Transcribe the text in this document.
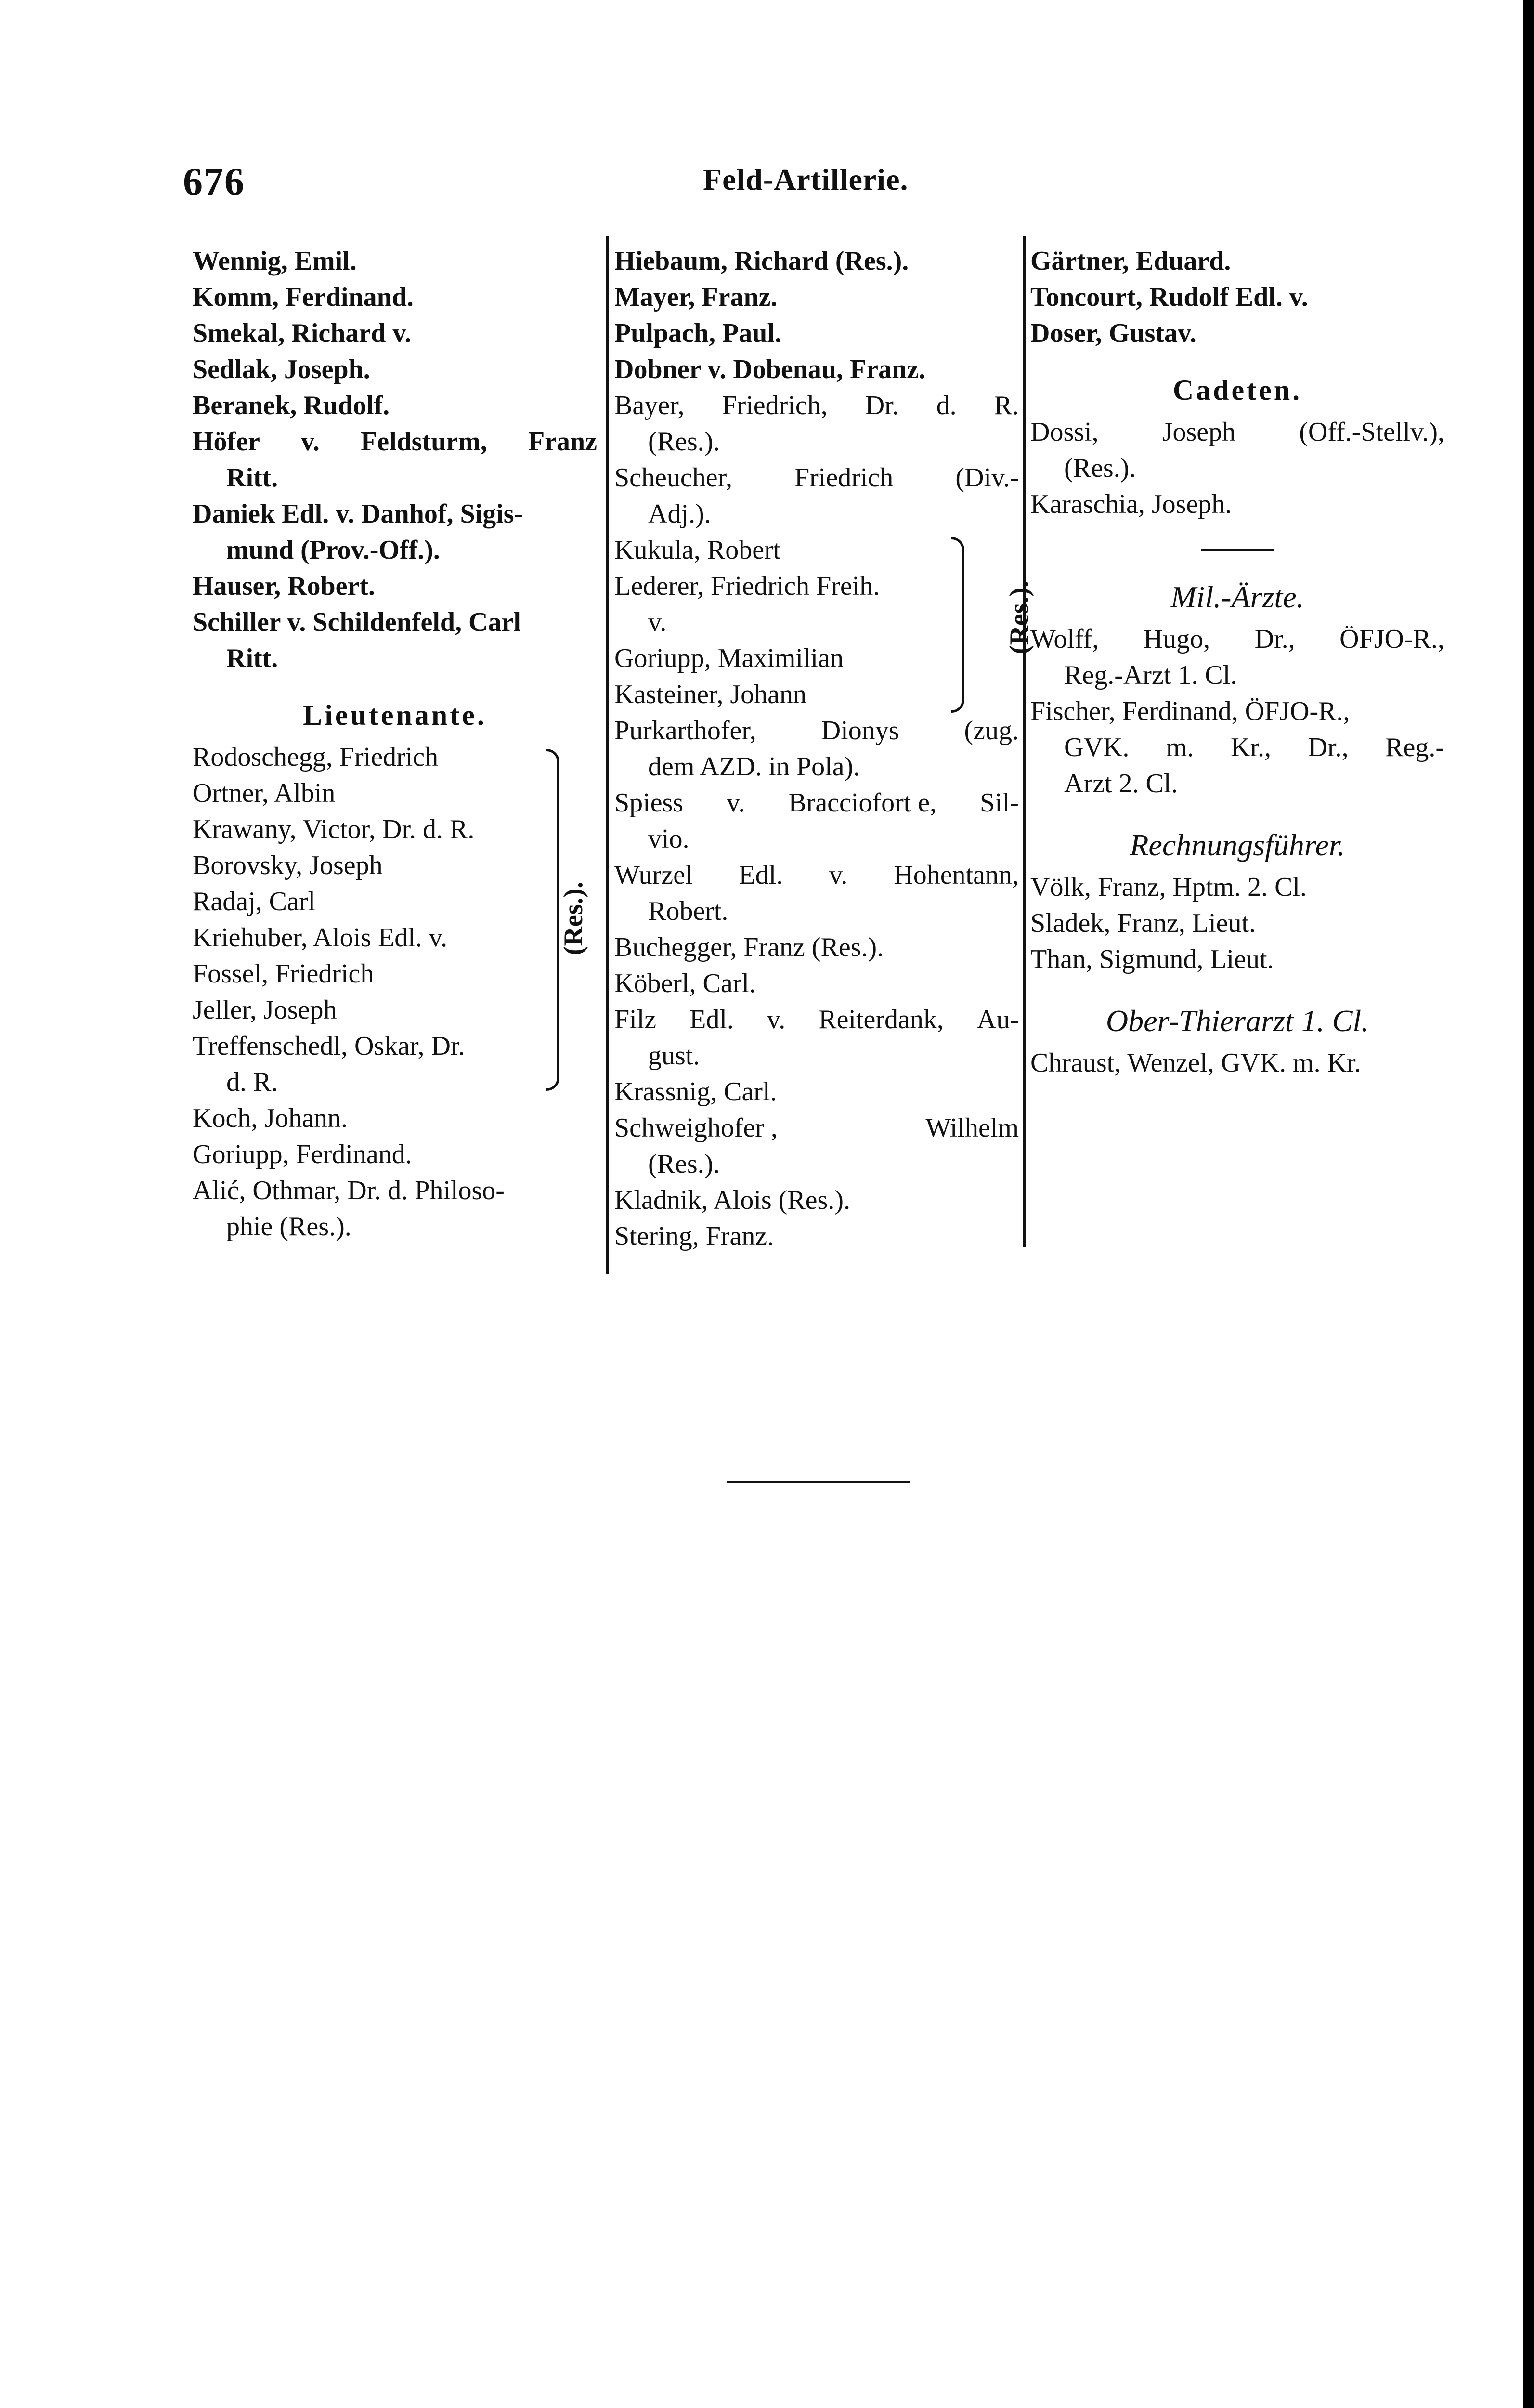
676	Feld-Artillerie.
Wennig, Emil.
Komm, Ferdinand.
Smekal, Richard v.
Sedlak, Joseph.
Beranek, Rudolf.
Höfer v. Feldsturm, Franz
Ritt.
Daniek Edl. v. Danhof, Sigis-
mund (Prov.-Off.).
Hauser, Robert.
Schiller v. Schildenfeld, Carl
Ritt.
Lieutenante.
Rodoschegg, Friedrich
Ortner, Albin
Krawany, Victor, Dr. d. R.
Borovsky, Joseph
Radaj, Carl
Kriehuber, Alois Edl. v.
Fossel, Friedrich
Jeller, Joseph
Treffenschedl, Oskar, Dr.
d. R.
(Res.).
Koch, Johann.
Goriupp, Ferdinand.
Alić, Othmar, Dr. d. Philoso-
phie (Res.).
Hiebaum, Richard (Res.).
Mayer, Franz.
Pulpach, Paul.
Dobner v. Dobenau, Franz.
Bayer, Friedrich, Dr. d. R.
(Res.).
Scheucher, Friedrich (Div.-
Adj.).
Kukula, Robert
Lederer, Friedrich Freih.
v.
Goriupp, Maximilian
Kasteiner, Johann
(Res.).
Purkarthofer, Dionys (zug.
dem AZD. in Pola).
Spiess v. Bracciofort e, Sil-
vio.
Wurzel Edl. v. Hohentann,
Robert.
Buchegger, Franz (Res.).
Köberl, Carl.
Filz Edl. v. Reiterdank, Au-
gust.
Krassnig, Carl.
Schweighofer ,	Wilhelm
(Res.).
Kladnik, Alois (Res.).
Stering, Franz.
Gärtner, Eduard.
Toncourt, Rudolf Edl. v.
Doser, Gustav.
Cadeten.
Dossi, Joseph (Off.-Stellv.),
(Res.).
Karaschia, Joseph.
Mil.-Ärzte.
Wolff, Hugo, Dr., ÖFJO-R.,
Reg.-Arzt 1. Cl.
Fischer, Ferdinand, ÖFJO-R.,
GVK. m. Kr., Dr., Reg.-
Arzt 2. Cl.
Rechnungsführer.
Völk, Franz, Hptm. 2. Cl.
Sladek, Franz, Lieut.
Than, Sigmund, Lieut.
Ober-Thierarzt 1. Cl.
Chraust, Wenzel, GVK. m. Kr.
